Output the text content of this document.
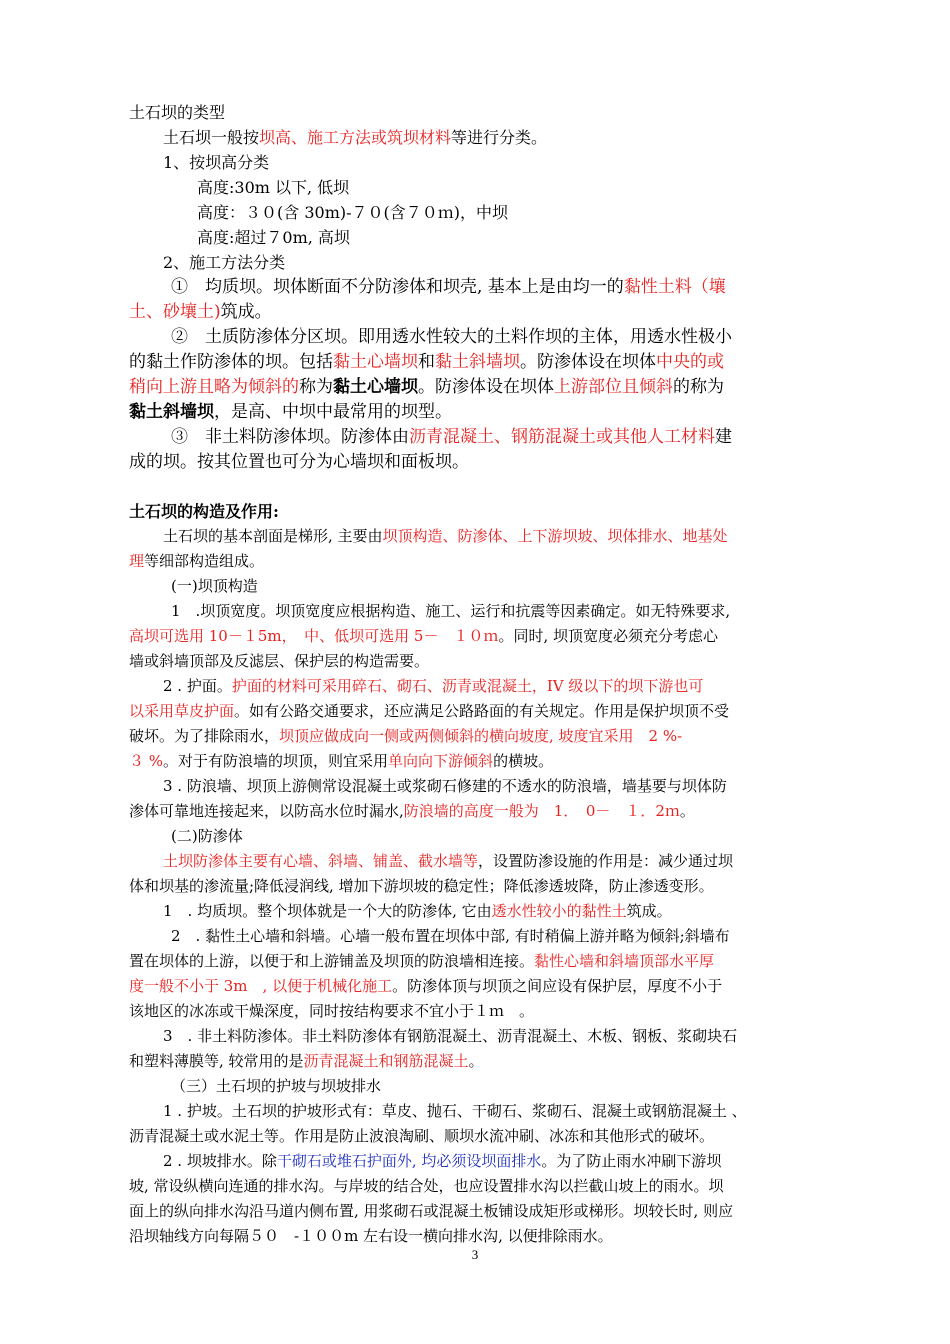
土石坝的类型
土石坝一般按坝高、施工方法或筑坝材料等进行分类。
1、按坝高分类
高度:30m 以下, 低坝
高度：３０(含 30m)-７０(含７０ｍ)，中坝
高度:超过７0m, 高坝
2、施工方法分类
①　均质坝。坝体断面不分防渗体和坝壳, 基本上是由均一的黏性土料（壤
土、砂壤土)筑成。
②　土质防渗体分区坝。即用透水性较大的土料作坝的主体，用透水性极小
的黏土作防渗体的坝。包括黏土心墙坝和黏土斜墙坝。防渗体设在坝体中央的或
稍向上游且略为倾斜的称为黏土心墙坝。防渗体设在坝体上游部位且倾斜的称为
黏土斜墙坝，是高、中坝中最常用的坝型。
③　非土料防渗体坝。防渗体由沥青混凝土、钢筋混凝土或其他人工材料建
成的坝。按其位置也可分为心墙坝和面板坝。
土石坝的构造及作用:
土石坝的基本剖面是梯形, 主要由坝顶构造、防渗体、上下游坝坡、坝体排水、地基处
理等细部构造组成。
(一)坝顶构造
1　.坝顶宽度。坝顶宽度应根据构造、施工、运行和抗震等因素确定。如无特殊要求,
高坝可选用 10－１5m，　中、低坝可选用 5－　１０ｍ。同时, 坝顶宽度必须充分考虑心
墙或斜墙顶部及反滤层、保护层的构造需要。
2 . 护面。护面的材料可采用碎石、砌石、沥青或混凝土，IV 级以下的坝下游也可
以采用草皮护面。如有公路交通要求，还应满足公路路面的有关规定。作用是保护坝顶不受
破坏。为了排除雨水，坝顶应做成向一侧或两侧倾斜的横向坡度, 坡度宜采用　2 %-
３ %。对于有防浪墙的坝顶，则宜采用单向向下游倾斜的横坡。
3 . 防浪墙、坝顶上游侧常设混凝土或浆砌石修建的不透水的防浪墙，墙基要与坝体防
渗体可靠地连接起来，以防高水位时漏水,防浪墙的高度一般为　1．　0－　１．2ｍ。
(二)防渗体
土坝防渗体主要有心墙、斜墙、铺盖、截水墙等，设置防渗设施的作用是：减少通过坝
体和坝基的渗流量;降低浸润线, 增加下游坝坡的稳定性；降低渗透坡降，防止渗透变形。
1　. 均质坝。整个坝体就是一个大的防渗体, 它由透水性较小的黏性土筑成。
2　. 黏性土心墙和斜墙。心墙一般布置在坝体中部, 有时稍偏上游并略为倾斜;斜墙布
置在坝体的上游，以便于和上游铺盖及坝顶的防浪墙相连接。黏性心墙和斜墙顶部水平厚
度一般不小于 3m　, 以便于机械化施工。防渗体顶与坝顶之间应设有保护层，厚度不小于
该地区的冰冻或干燥深度，同时按结构要求不宜小于１ｍ　。
3　. 非土料防渗体。非土料防渗体有钢筋混凝土、沥青混凝土、木板、钢板、浆砌块石
和塑料薄膜等, 较常用的是沥青混凝土和钢筋混凝土。
（三）土石坝的护坡与坝坡排水
1 . 护坡。土石坝的护坡形式有：草皮、抛石、干砌石、浆砌石、混凝土或钢筋混凝土 、
沥青混凝土或水泥土等。作用是防止波浪淘刷、顺坝水流冲刷、冰冻和其他形式的破坏。
2 . 坝坡排水。除干砌石或堆石护面外, 均必须设坝面排水。为了防止雨水冲刷下游坝
坡, 常设纵横向连通的排水沟。与岸坡的结合处，也应设置排水沟以拦截山坡上的雨水。坝
面上的纵向排水沟沿马道内侧布置, 用浆砌石或混凝土板铺设成矩形或梯形。坝较长时, 则应
沿坝轴线方向每隔５０　-１００m 左右设一横向排水沟, 以便排除雨水。
3
